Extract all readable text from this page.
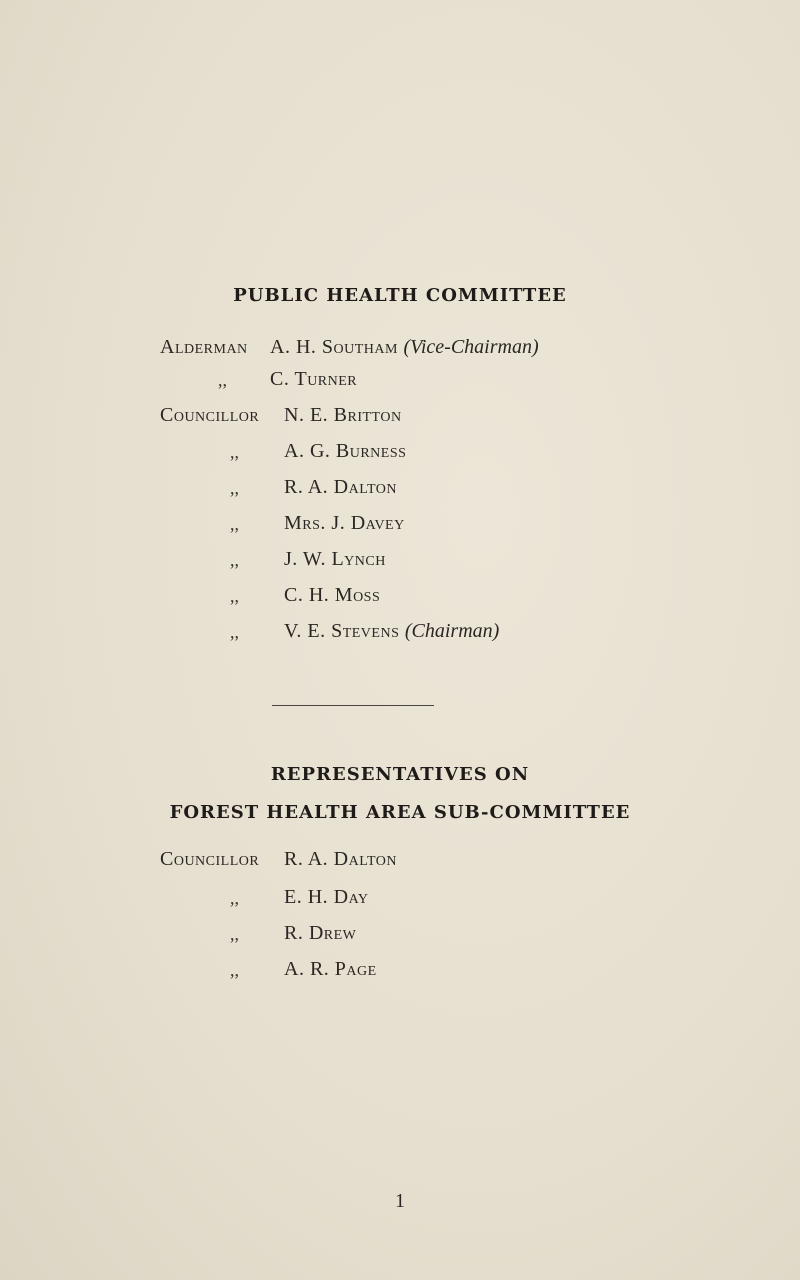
PUBLIC HEALTH COMMITTEE
Alderman A. H. Southam (Vice-Chairman)
,, C. Turner
Councillor N. E. Britton
,, A. G. Burness
,, R. A. Dalton
,, Mrs. J. Davey
,, J. W. Lynch
,, C. H. Moss
,, V. E. Stevens (Chairman)
REPRESENTATIVES ON
FOREST HEALTH AREA SUB-COMMITTEE
Councillor R. A. Dalton
,, E. H. Day
,, R. Drew
,, A. R. Page
1
